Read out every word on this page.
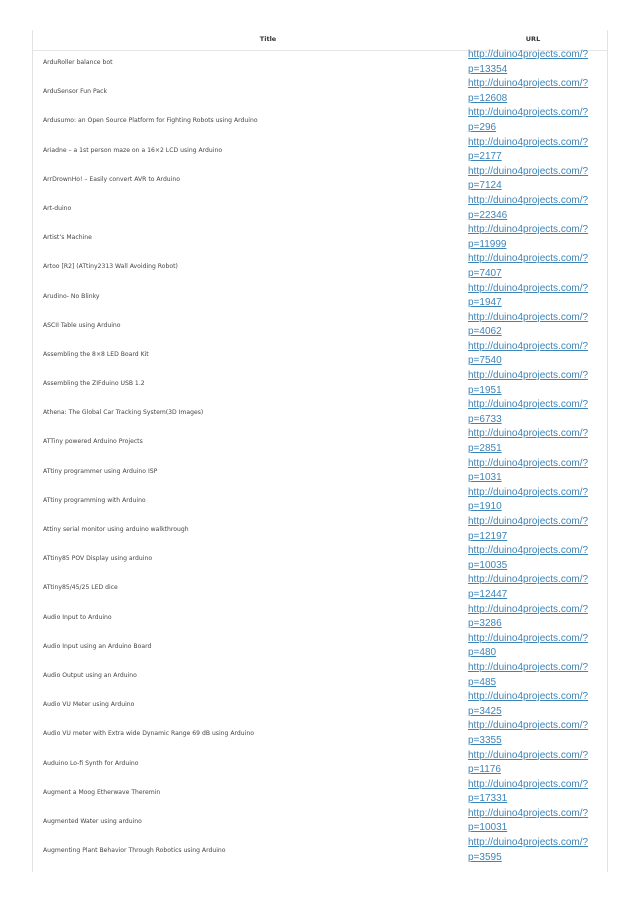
Title	URL
ArduRoller balance bot
http://duino4projects.com/?
p=13354
ArduSensor Fun Pack
http://duino4projects.com/?
p=12608
Ardusumo: an Open Source Platform for Fighting Robots using Arduino
http://duino4projects.com/?
p=296
Ariadne – a 1st person maze on a 16×2 LCD using Arduino
http://duino4projects.com/?
p=2177
ArrDrownHo! – Easily convert AVR to Arduino
http://duino4projects.com/?
p=7124
Art-duino
http://duino4projects.com/?
p=22346
Artist’s Machine
http://duino4projects.com/?
p=11999
Artoo [R2] (ATtiny2313 Wall Avoiding Robot)
http://duino4projects.com/?
p=7407
Arudino- No Blinky
http://duino4projects.com/?
p=1947
ASCII Table using Arduino
http://duino4projects.com/?
p=4062
Assembling the 8×8 LED Board Kit
http://duino4projects.com/?
p=7540
Assembling the ZIFduino USB 1.2
http://duino4projects.com/?
p=1951
Athena: The Global Car Tracking System(3D Images)
http://duino4projects.com/?
p=6733
ATTiny powered Arduino Projects
http://duino4projects.com/?
p=2851
ATtiny programmer using Arduino ISP
http://duino4projects.com/?
p=1031
ATtiny programming with Arduino
http://duino4projects.com/?
p=1910
Attiny serial monitor using arduino walkthrough
http://duino4projects.com/?
p=12197
ATtiny85 POV Display using arduino
http://duino4projects.com/?
p=10035
ATtiny85/45/25 LED dice
http://duino4projects.com/?
p=12447
Audio Input to Arduino
http://duino4projects.com/?
p=3286
Audio Input using an Arduino Board
http://duino4projects.com/?
p=480
Audio Output using an Arduino
http://duino4projects.com/?
p=485
Audio VU Meter using Arduino
http://duino4projects.com/?
p=3425
Audio VU meter with Extra wide Dynamic Range 69 dB using Arduino
http://duino4projects.com/?
p=3355
Auduino Lo-fi Synth for Arduino
http://duino4projects.com/?
p=1176
Augment a Moog Etherwave Theremin
http://duino4projects.com/?
p=17331
Augmented Water using arduino
http://duino4projects.com/?
p=10031
Augmenting Plant Behavior Through Robotics using Arduino
http://duino4projects.com/?
p=3595
